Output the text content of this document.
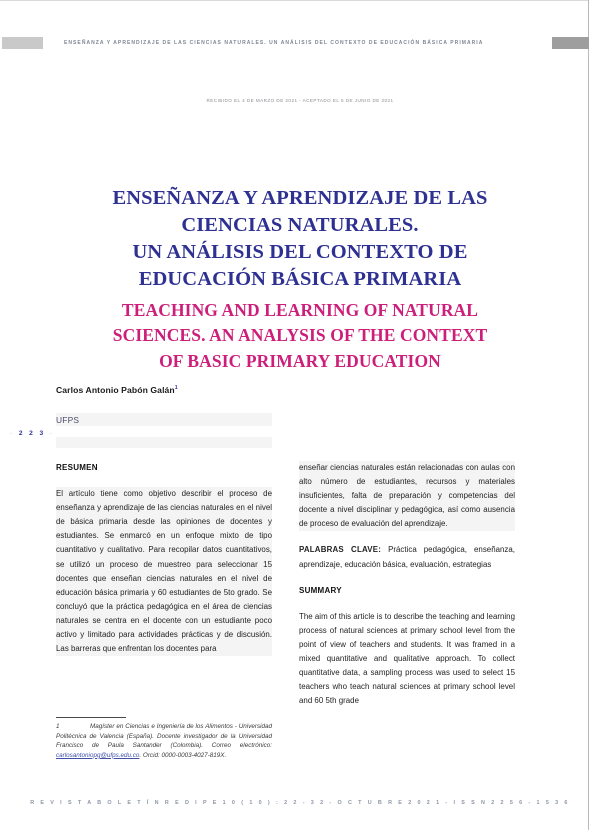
ENSEÑANZA Y APRENDIZAJE DE LAS CIENCIAS NATURALES. UN ANÁLISIS DEL CONTEXTO DE EDUCACIÓN BÁSICA PRIMARIA
RECIBIDO EL 4 DE MARZO DE 2021 - ACEPTADO EL 5 DE JUNIO DE 2021
ENSEÑANZA Y APRENDIZAJE DE LAS
CIENCIAS NATURALES.
UN ANÁLISIS DEL CONTEXTO DE
EDUCACIÓN BÁSICA PRIMARIA
TEACHING AND LEARNING OF NATURAL
SCIENCES. AN ANALYSIS OF THE CONTEXT
OF BASIC PRIMARY EDUCATION
Carlos Antonio Pabón Galán$^1$
UFPS
· 2 2 3 ·
RESUMEN

El artículo tiene como objetivo describir el proceso de enseñanza y aprendizaje de las ciencias naturales en el nivel de básica primaria desde las opiniones de docentes y estudiantes. Se enmarcó en un enfoque mixto de tipo cuantitativo y cualitativo. Para recopilar datos cuantitativos, se utilizó un proceso de muestreo para seleccionar 15 docentes que enseñan ciencias naturales en el nivel de educación básica primaria y 60 estudiantes de 5to grado. Se concluyó que la práctica pedagógica en el área de ciencias naturales se centra en el docente con un estudiante poco activo y limitado para actividades prácticas y de discusión. Las barreras que enfrentan los docentes para

enseñar ciencias naturales están relacionadas con aulas con alto número de estudiantes, recursos y materiales insuficientes, falta de preparación y competencias del docente a nivel disciplinar y pedagógica, así como ausencia de proceso de evaluación del aprendizaje.

PALABRAS CLAVE: Práctica pedagógica, enseñanza, aprendizaje, educación básica, evaluación, estrategias

SUMMARY

The aim of this article is to describe the teaching and learning process of natural sciences at primary school level from the point of view of teachers and students. It was framed in a mixed quantitative and qualitative approach. To collect quantitative data, a sampling process was used to select 15 teachers who teach natural sciences at primary school level and 60 5th grade

1	Magíster en Ciencias e Ingeniería de los Alimentos - Universidad Politécnica de Valencia (España). Docente investigador de la Universidad Francisco de Paula Santander (Colombia). Correo electrónico: carlosantoniopg@ufps.edu.co. Orcid: 0000-0003-4027-819X.
R E V I S T A B O L E T Í N R E D I P E 1 0 ( 1 0 ) : 2 2 - 3 2 - O C T U B R E 2 0 2 1 - I S S N 2 2 5 6 - 1 5 3 6
